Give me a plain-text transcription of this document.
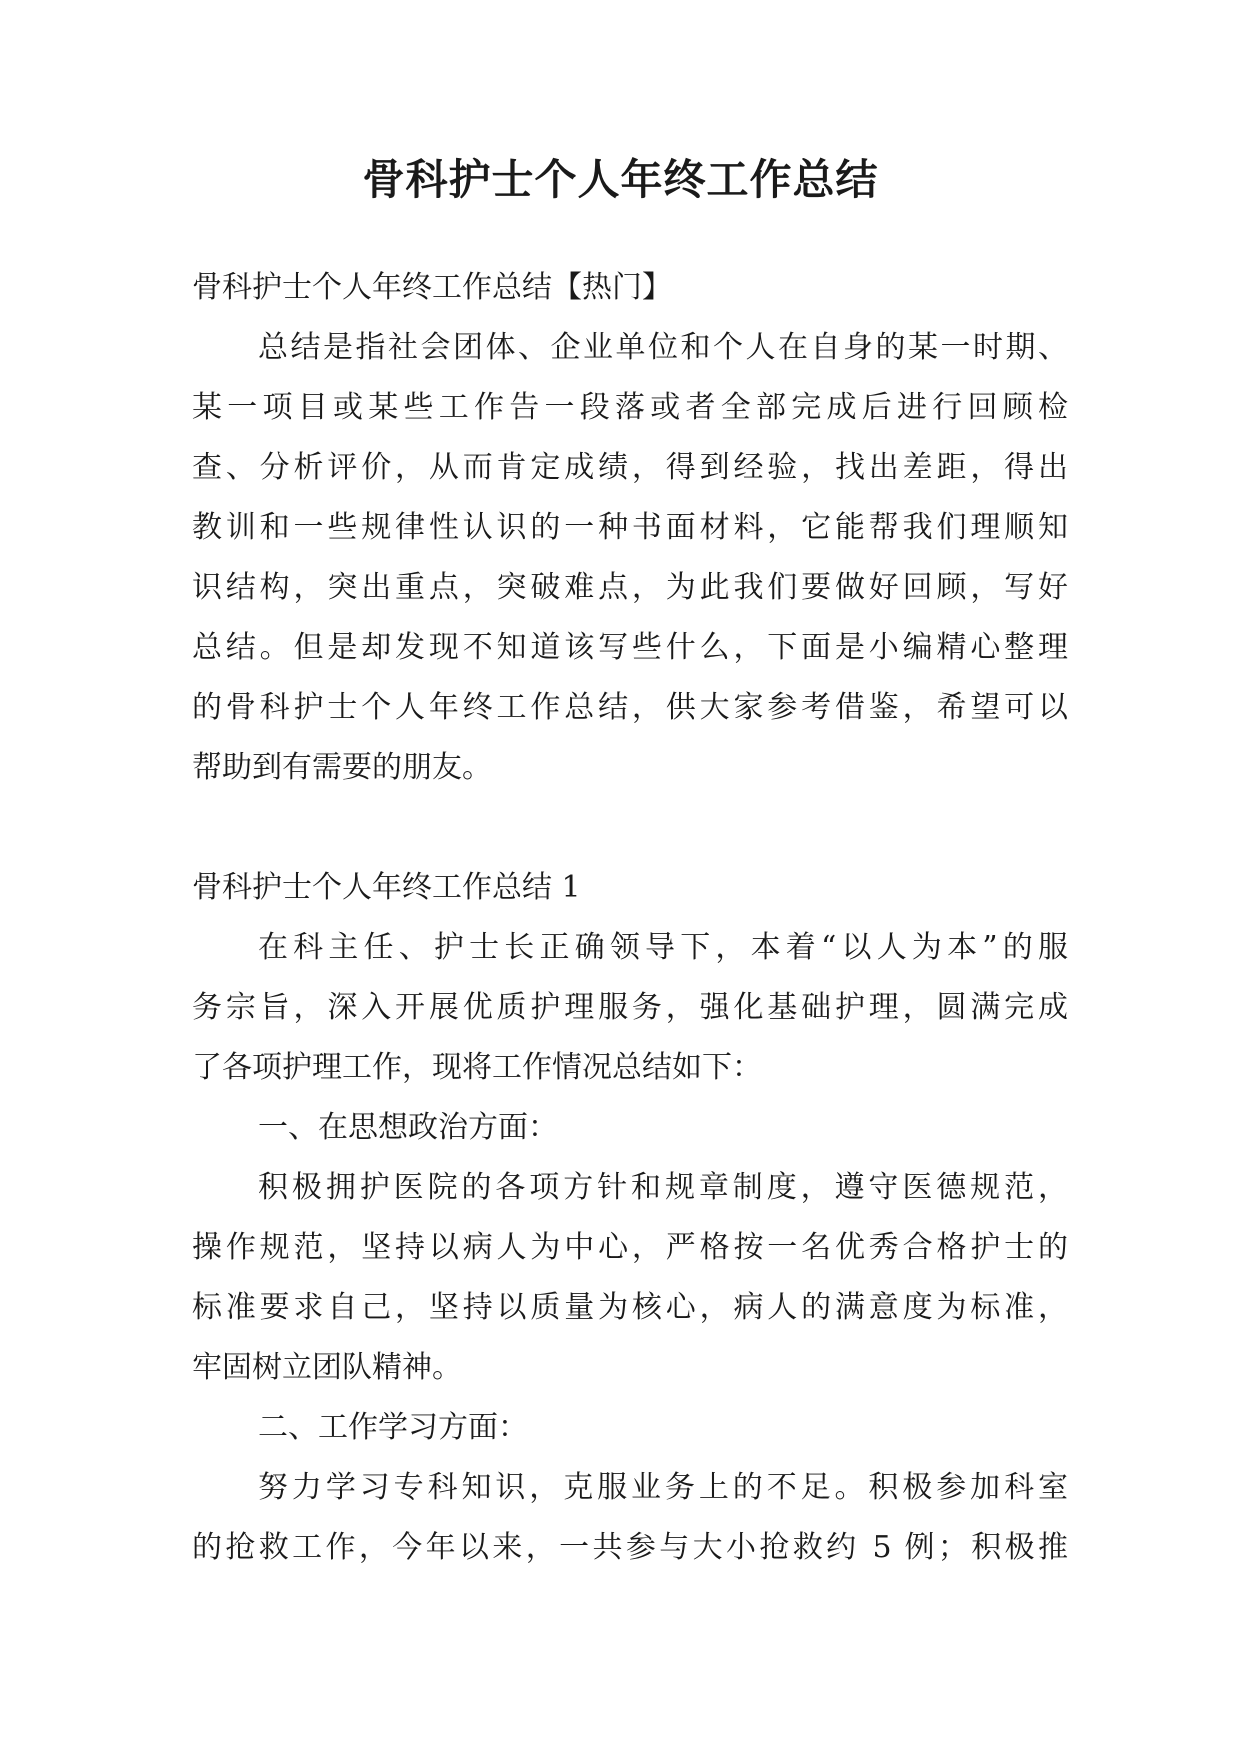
骨科护士个人年终工作总结

骨科护士个人年终工作总结【热门】

总结是指社会团体、企业单位和个人在自身的某一时期、

某一项目或某些工作告一段落或者全部完成后进行回顾检

查、分析评价，从而肯定成绩，得到经验，找出差距，得出

教训和一些规律性认识的一种书面材料，它能帮我们理顺知

识结构，突出重点，突破难点，为此我们要做好回顾，写好

总结。但是却发现不知道该写些什么，下面是小编精心整理

的骨科护士个人年终工作总结，供大家参考借鉴，希望可以

帮助到有需要的朋友。

骨科护士个人年终工作总结 1

在科主任、护士长正确领导下，本着“以人为本”的服

务宗旨，深入开展优质护理服务，强化基础护理，圆满完成

了各项护理工作，现将工作情况总结如下：

一、在思想政治方面：

积极拥护医院的各项方针和规章制度，遵守医德规范，

操作规范，坚持以病人为中心，严格按一名优秀合格护士的

标准要求自己，坚持以质量为核心，病人的满意度为标准，

牢固树立团队精神。

二、工作学习方面：

努力学习专科知识，克服业务上的不足。积极参加科室

的抢救工作，今年以来，一共参与大小抢救约 5 例；积极推
